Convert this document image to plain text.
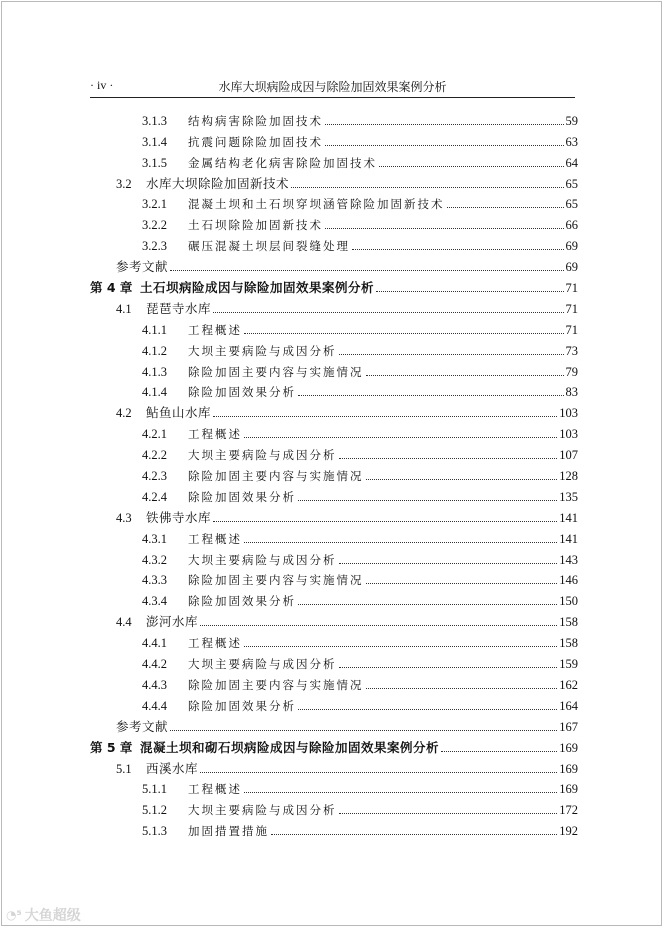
· iv ·	水库大坝病险成因与除险加固效果案例分析
3.1.3	结构病害除险加固技术	59
3.1.4	抗震问题除险加固技术	63
3.1.5	金属结构老化病害除险加固技术	64
3.2	水库大坝除险加固新技术	65
3.2.1	混凝土坝和土石坝穿坝涵管除险加固新技术	65
3.2.2	土石坝除险加固新技术	66
3.2.3	碾压混凝土坝层间裂缝处理	69
参考文献	69
第 4 章 土石坝病险成因与除险加固效果案例分析	71
4.1	琵琶寺水库	71
4.1.1	工程概述	71
4.1.2	大坝主要病险与成因分析	73
4.1.3	除险加固主要内容与实施情况	79
4.1.4	除险加固效果分析	83
4.2	鲇鱼山水库	103
4.2.1	工程概述	103
4.2.2	大坝主要病险与成因分析	107
4.2.3	除险加固主要内容与实施情况	128
4.2.4	除险加固效果分析	135
4.3	铁佛寺水库	141
4.3.1	工程概述	141
4.3.2	大坝主要病险与成因分析	143
4.3.3	除险加固主要内容与实施情况	146
4.3.4	除险加固效果分析	150
4.4	澎河水库	158
4.4.1	工程概述	158
4.4.2	大坝主要病险与成因分析	159
4.4.3	除险加固主要内容与实施情况	162
4.4.4	除险加固效果分析	164
参考文献	167
第 5 章 混凝土坝和砌石坝病险成因与除险加固效果案例分析	169
5.1	西溪水库	169
5.1.1	工程概述	169
5.1.2	大坝主要病险与成因分析	172
5.1.3	加固措置措施	192
◔⁵ 大鱼超级
